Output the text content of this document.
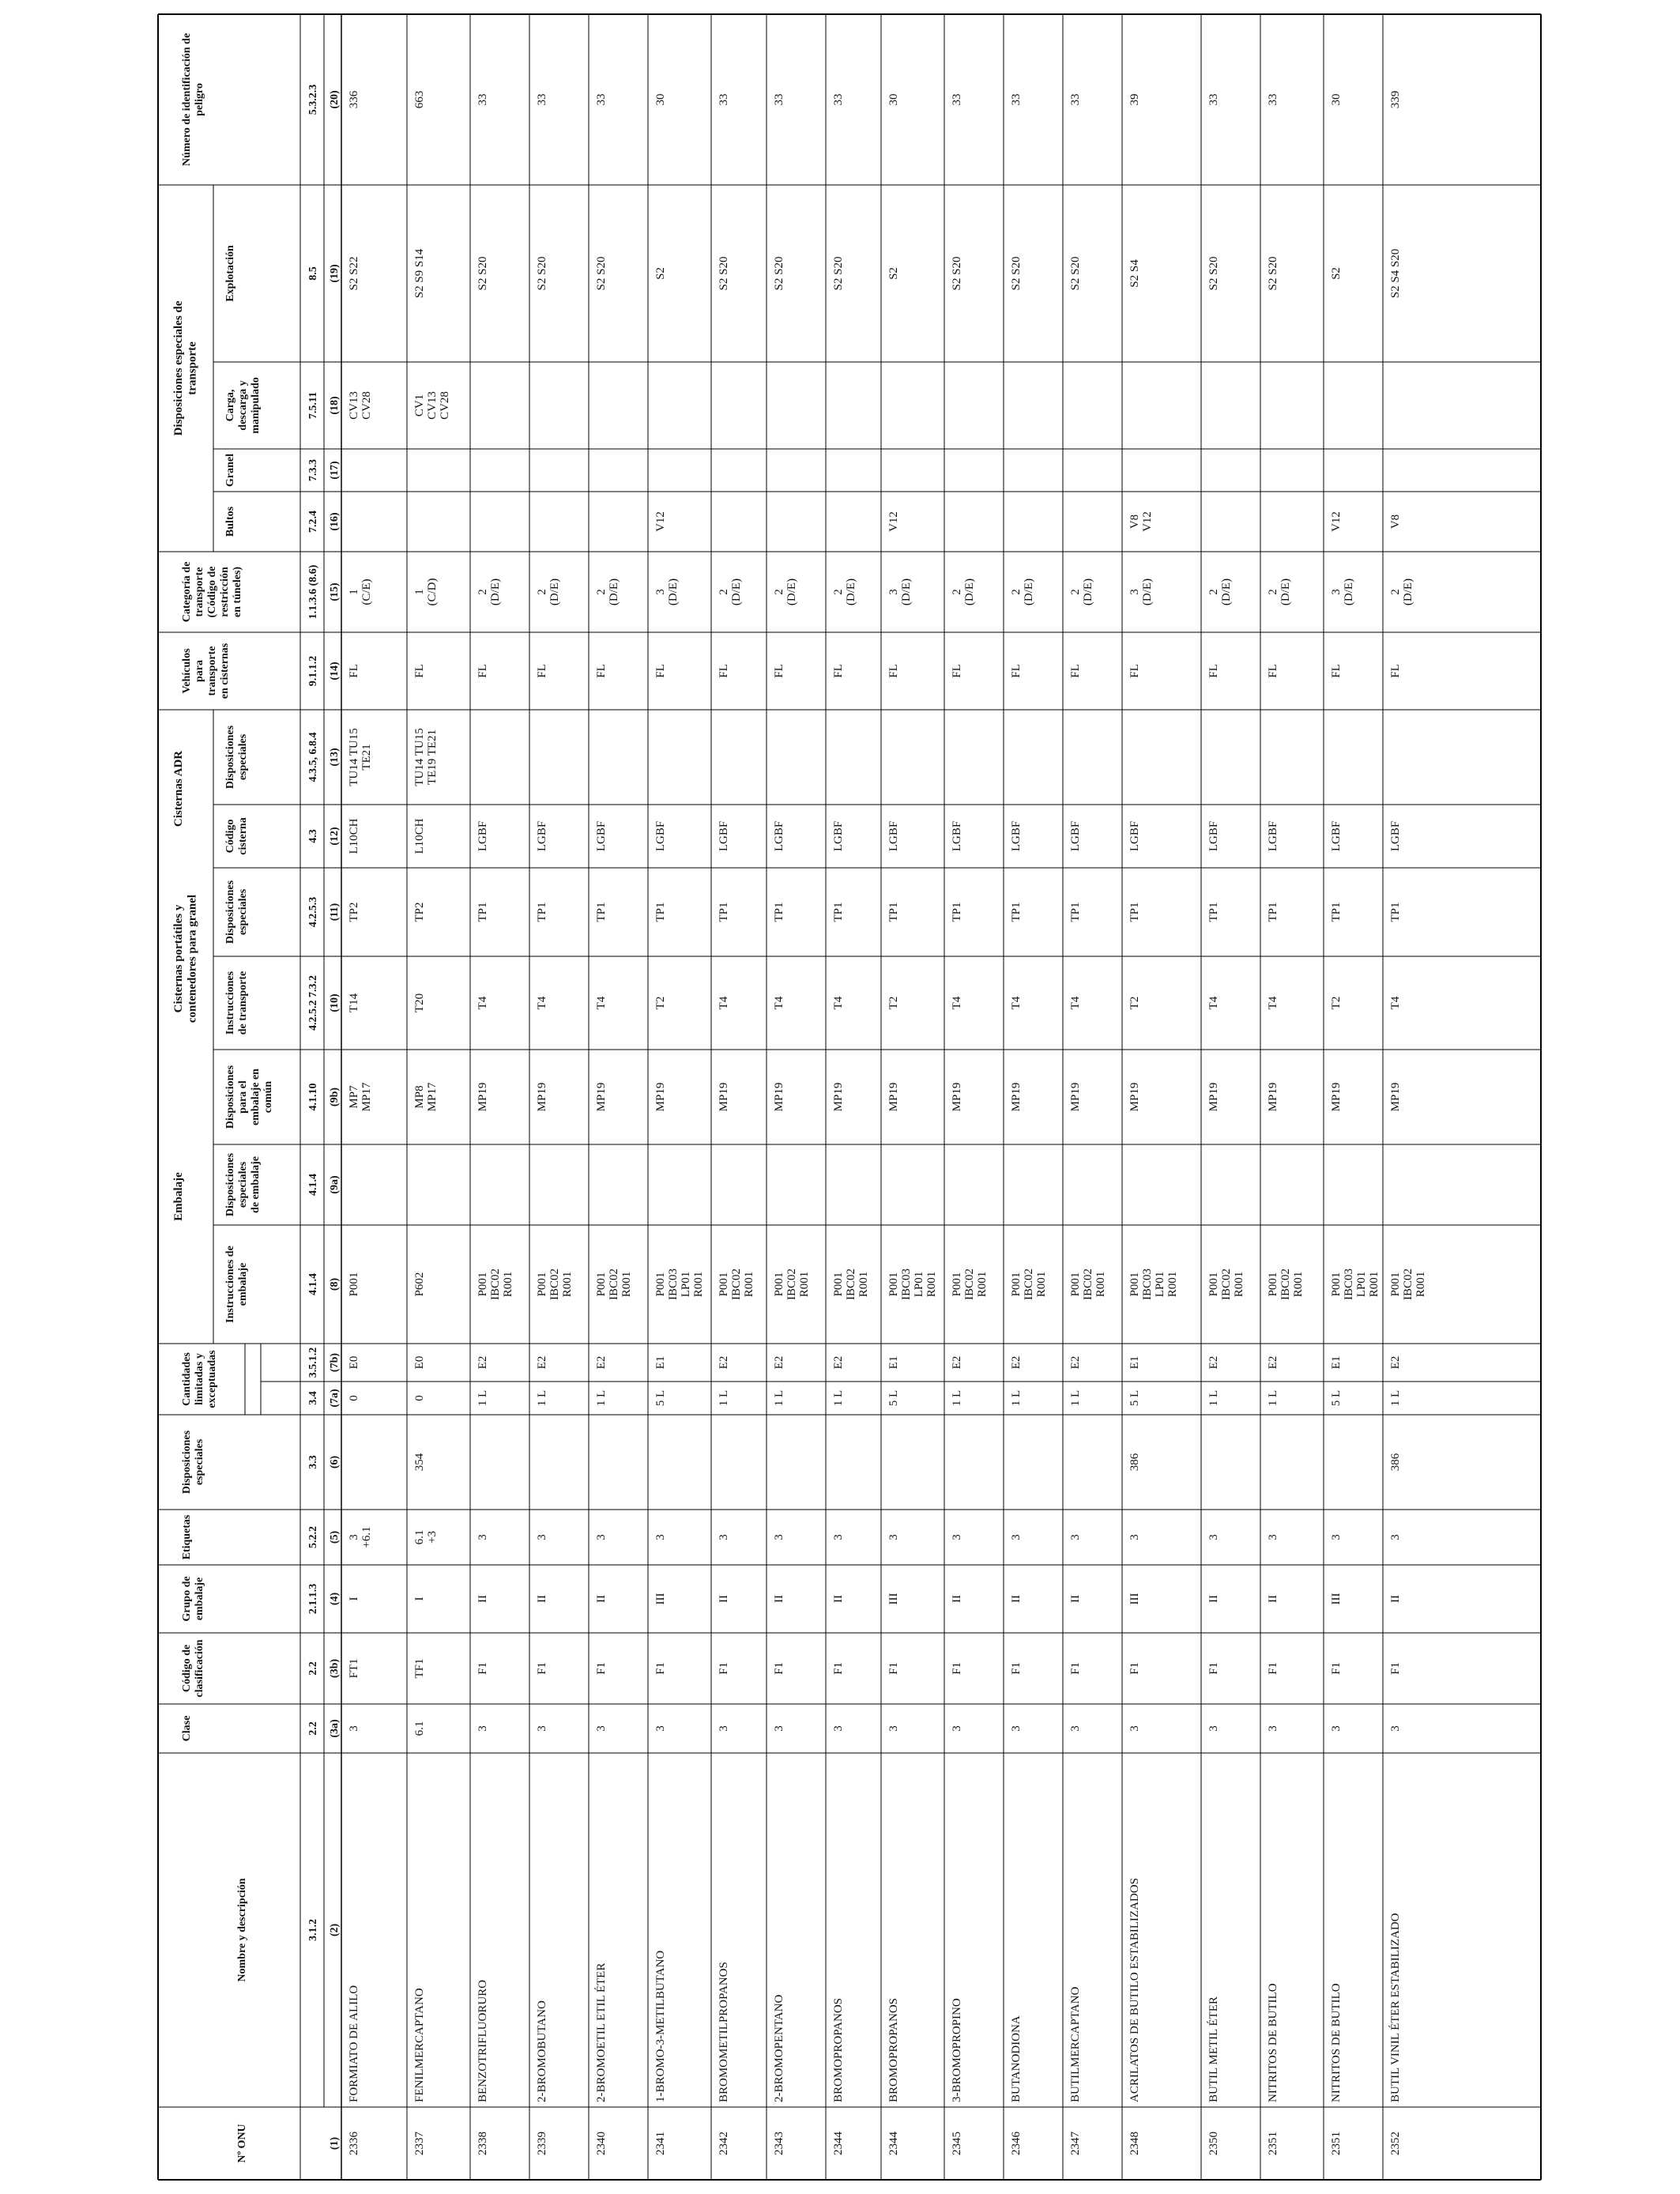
Embalaje
Cisternas portátiles ycontenedores para granel
Cisternas ADR
Disposiciones especiales detransporte
Nº ONU
Nombre y descripción
Clase
Código declasificación
Grupo deembalaje
Etiquetas
Disposicionesespeciales
Instrucciones deembalaje
Disposicionesespecialesde embalaje
Disposicionespara elembalaje encomún
Instruccionesde transporte
Disposicionesespeciales
Códigocisterna
Disposicionesespeciales
Vehículosparatransporteen cisternas
Categoría detransporte(Código derestricciónen túneles)
Bultos
Granel
Carga,descarga ymanipulado
Explotación
Número de identificación depeligro
Cantidadeslimitadas yexceptuadas
(1)
3.1.2 (2)
2.2 (3a)
2.2 (3b)
2.1.1.3 (4)
5.2.2 (5)
3.3 (6)
3.4 (7a)
3.5.1.2 (7b)
4.1.4 (8)
4.1.4 (9a)
4.1.10 (9b)
4.2.5.2 7.3.2 (10)
4.2.5.3 (11)
4.3 (12)
4.3.5, 6.8.4 (13)
9.1.1.2 (14)
1.1.3.6 (8.6) (15)
7.2.4 (16)
7.3.3 (17)
7.5.11 (18)
8.5 (19)
5.3.2.3 (20)
2336
FORMIATO DE ALILO
3
FT1
I
3+6.1
0
E0
P001
MP7MP17
T14
TP2
L10CH
TU14 TU15TE21
FL
1(C/E)
CV13CV28
S2 S22
336
2337
FENILMERCAPTANO
6.1
TF1
I
6.1+3
354
0
E0
P602
MP8MP17
T20
TP2
L10CH
TU14 TU15TE19 TE21
FL
1(C/D)
CV1CV13CV28
S2 S9 S14
663
2338
BENZOTRIFLUORURO
3
F1
II
3
1 L
E2
P001IBC02R001
MP19
T4
TP1
LGBF
FL
2(D/E)
S2 S20
33
2339
2-BROMOBUTANO
3
F1
II
3
1 L
E2
P001IBC02R001
MP19
T4
TP1
LGBF
FL
2(D/E)
S2 S20
33
2340
2-BROMOETIL ETIL ÉTER
3
F1
II
3
1 L
E2
P001IBC02R001
MP19
T4
TP1
LGBF
FL
2(D/E)
S2 S20
33
2341
1-BROMO-3-METILBUTANO
3
F1
III
3
5 L
E1
P001IBC03LP01R001
MP19
T2
TP1
LGBF
FL
3(D/E)
V12
S2
30
2342
BROMOMETILPROPANOS
3
F1
II
3
1 L
E2
P001IBC02R001
MP19
T4
TP1
LGBF
FL
2(D/E)
S2 S20
33
2343
2-BROMOPENTANO
3
F1
II
3
1 L
E2
P001IBC02R001
MP19
T4
TP1
LGBF
FL
2(D/E)
S2 S20
33
2344
BROMOPROPANOS
3
F1
II
3
1 L
E2
P001IBC02R001
MP19
T4
TP1
LGBF
FL
2(D/E)
S2 S20
33
2344
BROMOPROPANOS
3
F1
III
3
5 L
E1
P001IBC03LP01R001
MP19
T2
TP1
LGBF
FL
3(D/E)
V12
S2
30
2345
3-BROMOPROPINO
3
F1
II
3
1 L
E2
P001IBC02R001
MP19
T4
TP1
LGBF
FL
2(D/E)
S2 S20
33
2346
BUTANODIONA
3
F1
II
3
1 L
E2
P001IBC02R001
MP19
T4
TP1
LGBF
FL
2(D/E)
S2 S20
33
2347
BUTILMERCAPTANO
3
F1
II
3
1 L
E2
P001IBC02R001
MP19
T4
TP1
LGBF
FL
2(D/E)
S2 S20
33
2348
ACRILATOS DE BUTILO ESTABILIZADOS
3
F1
III
3
386
5 L
E1
P001IBC03LP01R001
MP19
T2
TP1
LGBF
FL
3(D/E)
V8V12
S2 S4
39
2350
BUTIL METIL ÉTER
3
F1
II
3
1 L
E2
P001IBC02R001
MP19
T4
TP1
LGBF
FL
2(D/E)
S2 S20
33
2351
NITRITOS DE BUTILO
3
F1
II
3
1 L
E2
P001IBC02R001
MP19
T4
TP1
LGBF
FL
2(D/E)
S2 S20
33
2351
NITRITOS DE BUTILO
3
F1
III
3
5 L
E1
P001IBC03LP01R001
MP19
T2
TP1
LGBF
FL
3(D/E)
V12
S2
30
2352
BUTIL VINIL ÉTER ESTABILIZADO
3
F1
II
3
386
1 L
E2
P001IBC02R001
MP19
T4
TP1
LGBF
FL
2(D/E)
V8
S2 S4 S20
339
